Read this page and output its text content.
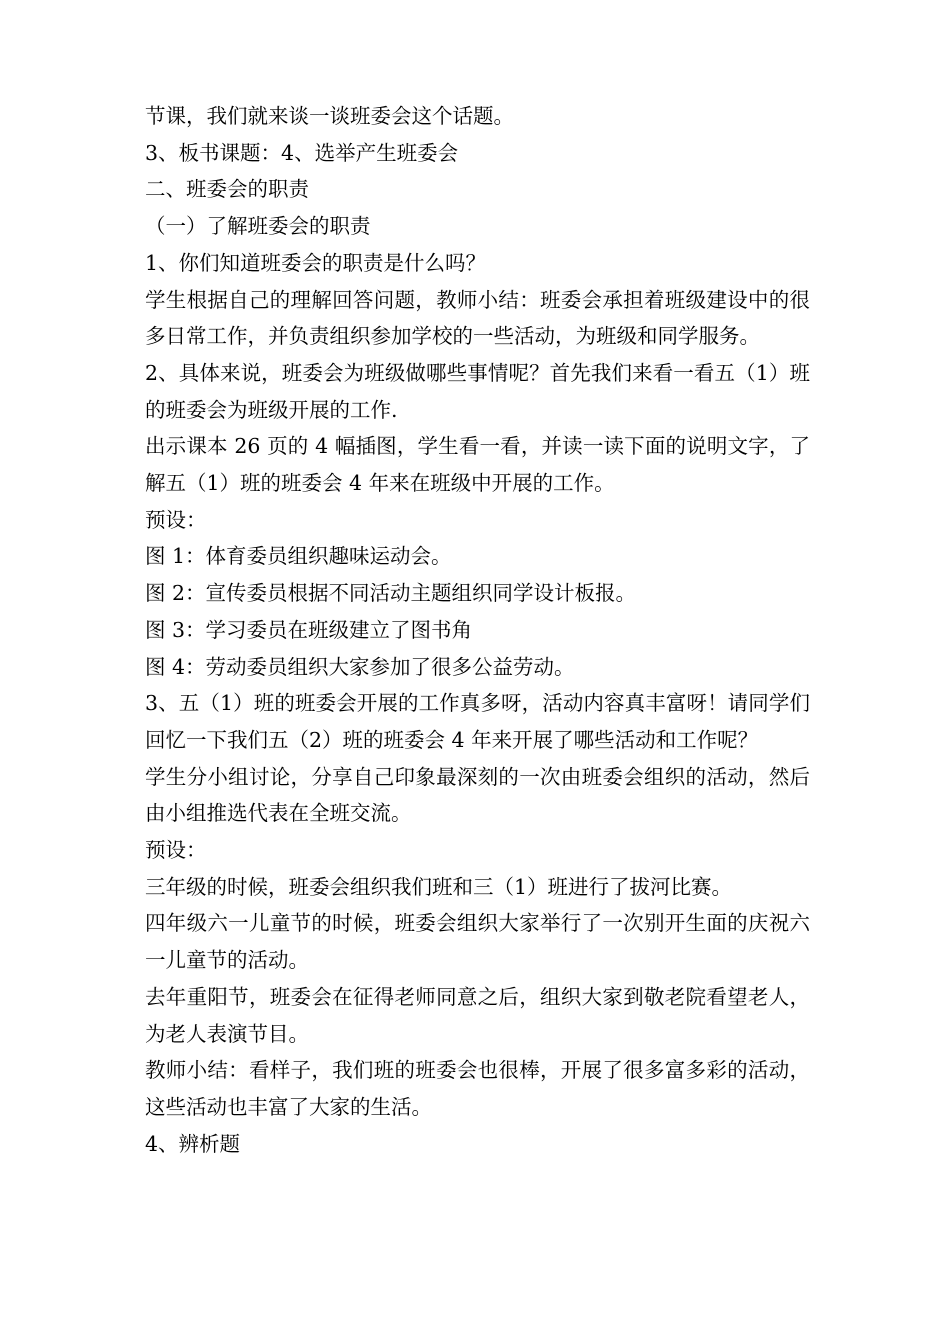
节课，我们就来谈一谈班委会这个话题。

3、板书课题：4、选举产生班委会

二、班委会的职责

（一）了解班委会的职责

1、你们知道班委会的职责是什么吗？

学生根据自己的理解回答问题，教师小结：班委会承担着班级建设中的很多日常工作，并负责组织参加学校的一些活动，为班级和同学服务。

2、具体来说，班委会为班级做哪些事情呢？首先我们来看一看五（1）班的班委会为班级开展的工作.

出示课本 26 页的 4 幅插图，学生看一看，并读一读下面的说明文字，了解五（1）班的班委会 4 年来在班级中开展的工作。

预设：

图 1：体育委员组织趣味运动会。

图 2：宣传委员根据不同活动主题组织同学设计板报。

图 3：学习委员在班级建立了图书角

图 4：劳动委员组织大家参加了很多公益劳动。

3、五（1）班的班委会开展的工作真多呀，活动内容真丰富呀！请同学们回忆一下我们五（2）班的班委会 4 年来开展了哪些活动和工作呢？

学生分小组讨论，分享自己印象最深刻的一次由班委会组织的活动，然后由小组推选代表在全班交流。

预设：

三年级的时候，班委会组织我们班和三（1）班进行了拔河比赛。

四年级六一儿童节的时候，班委会组织大家举行了一次别开生面的庆祝六一儿童节的活动。

去年重阳节，班委会在征得老师同意之后，组织大家到敬老院看望老人，为老人表演节目。

教师小结：看样子，我们班的班委会也很棒，开展了很多富多彩的活动，这些活动也丰富了大家的生活。

4、辨析题
